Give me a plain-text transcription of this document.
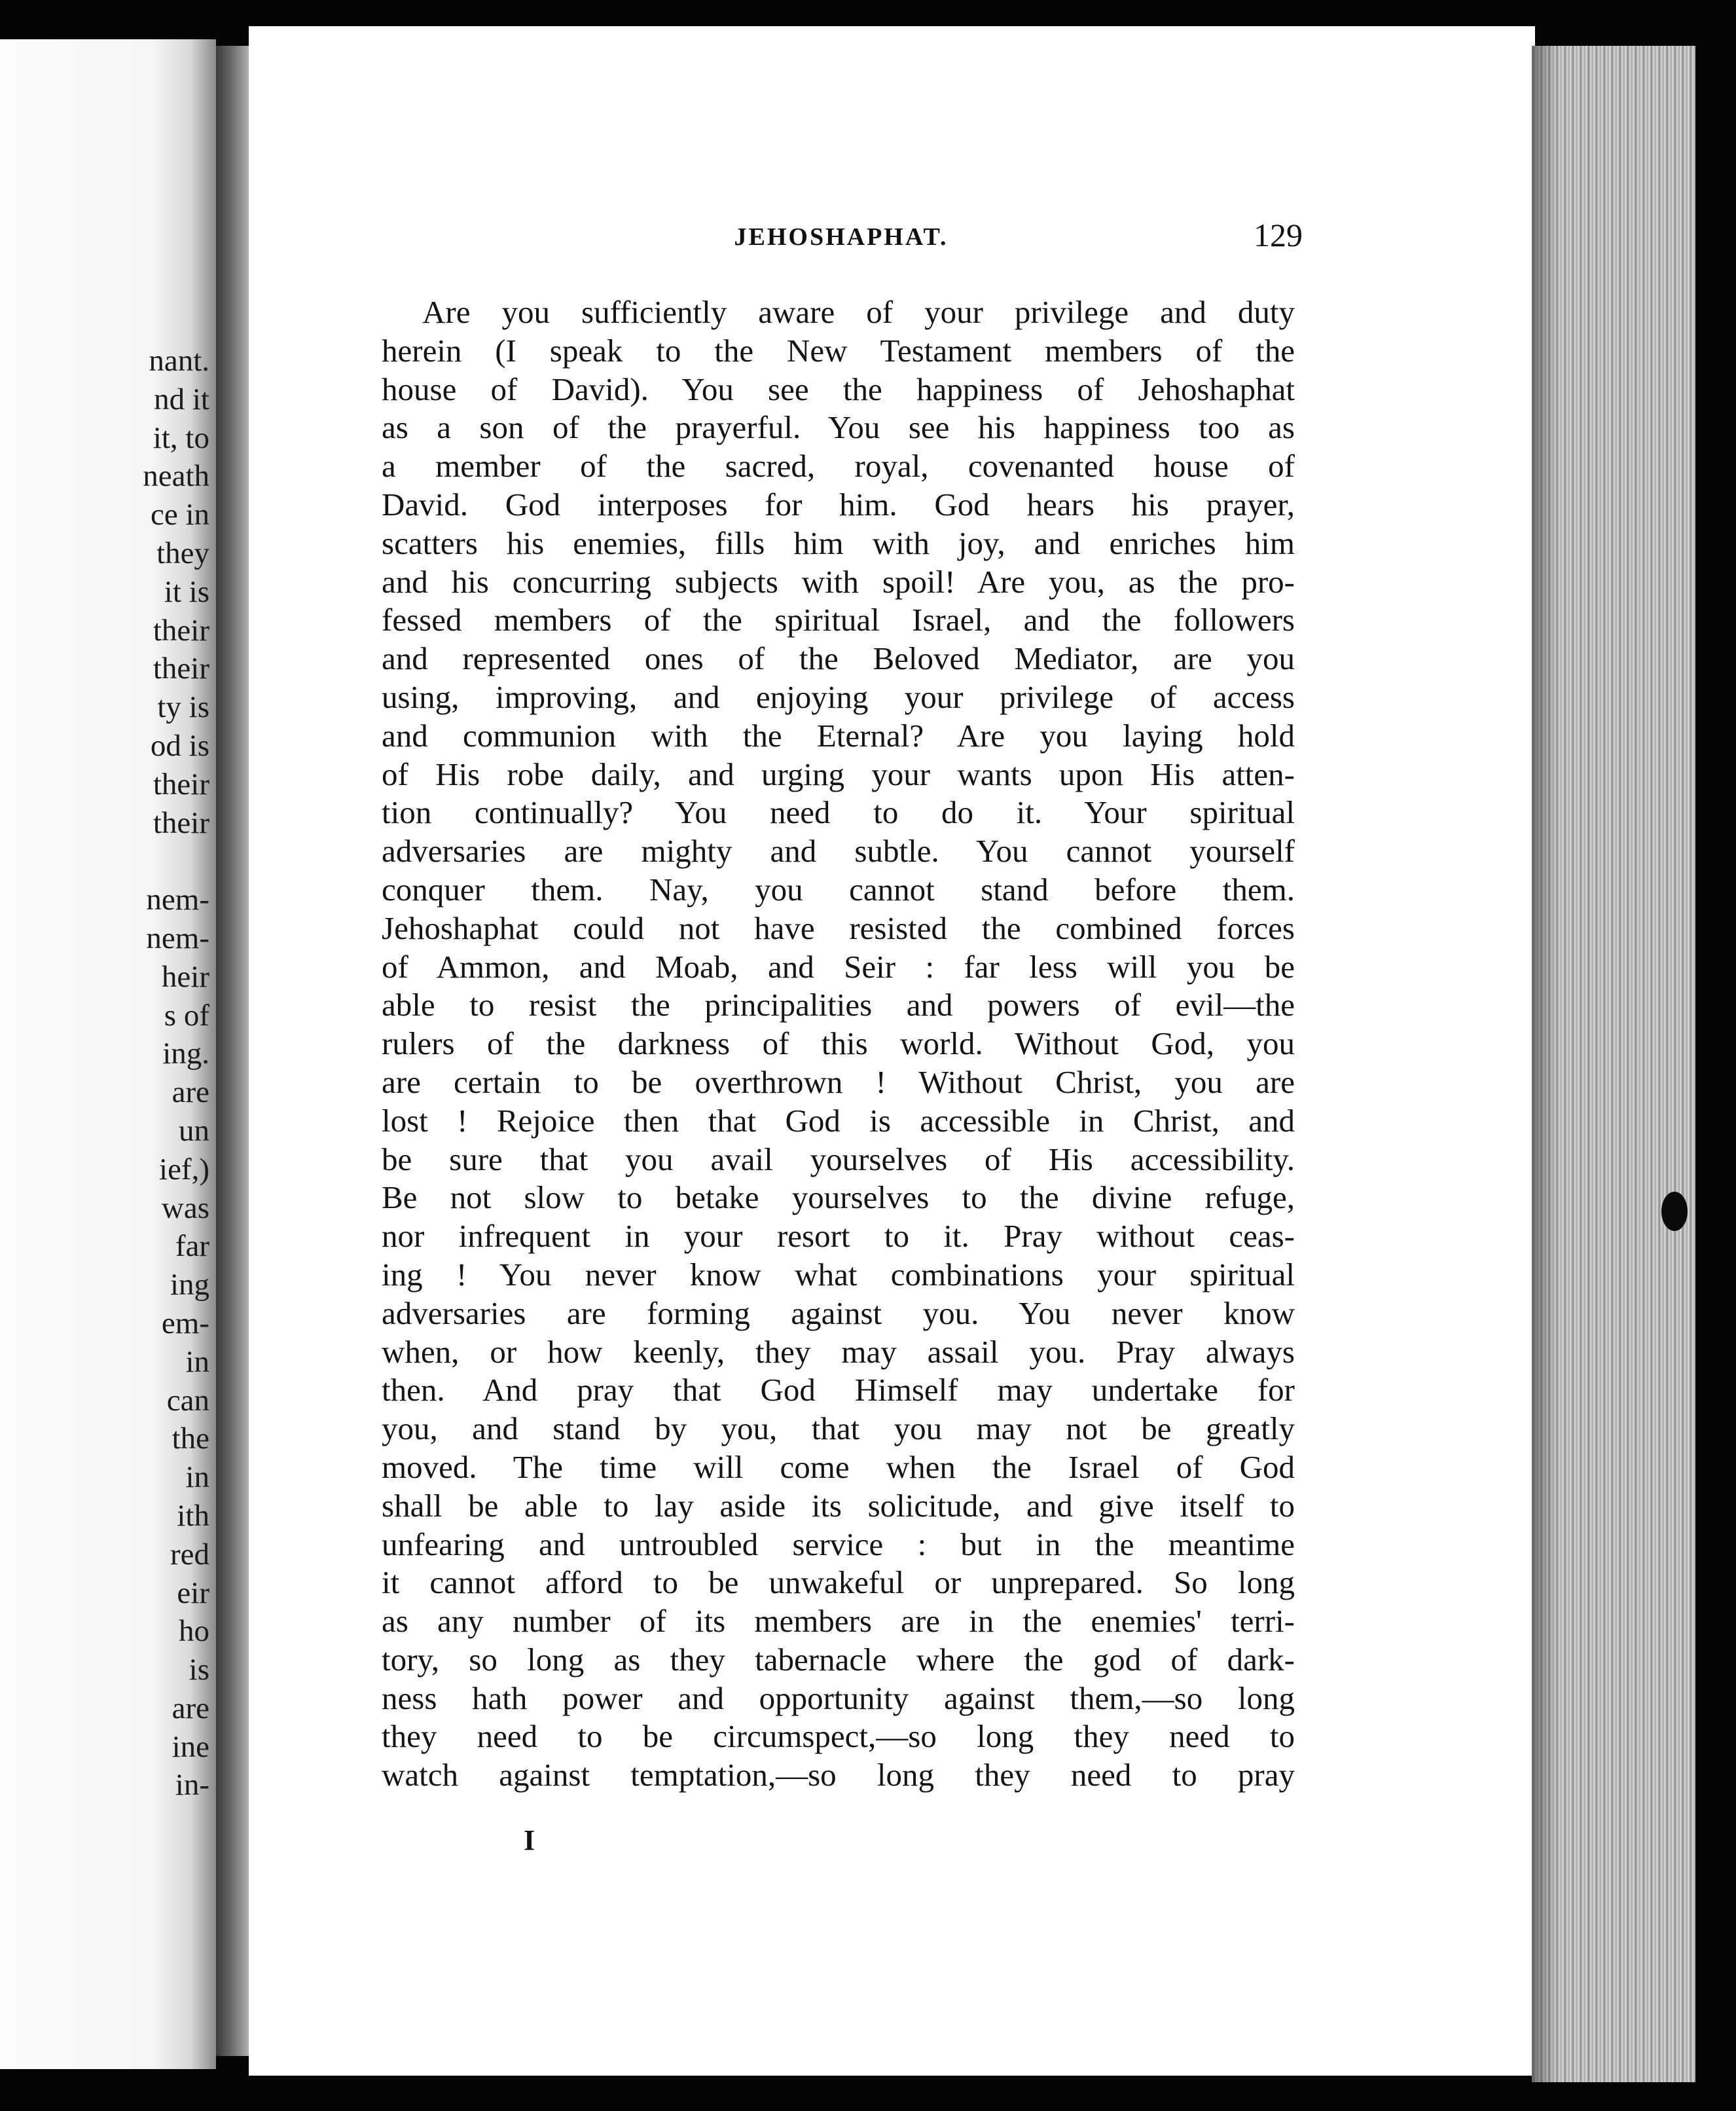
nant.
nd it
it, to
neath
ce in
they
it is
their
their
ty is
od is
their
their
nem-
nem-
heir
s of
ing.
are
un
ief,)
was
far
ing
em-
in
can
the
in
ith
red
eir
ho
is
are
ine
in-
JEHOSHAPHAT.	129
Are you sufficiently aware of your privilege and duty
herein (I speak to the New Testament members of the
house of David). You see the happiness of Jehoshaphat
as a son of the prayerful. You see his happiness too as
a member of the sacred, royal, covenanted house of
David. God interposes for him. God hears his prayer,
scatters his enemies, fills him with joy, and enriches him
and his concurring subjects with spoil! Are you, as the pro-
fessed members of the spiritual Israel, and the followers
and represented ones of the Beloved Mediator, are you
using, improving, and enjoying your privilege of access
and communion with the Eternal? Are you laying hold
of His robe daily, and urging your wants upon His atten-
tion continually? You need to do it. Your spiritual
adversaries are mighty and subtle. You cannot yourself
conquer them. Nay, you cannot stand before them.
Jehoshaphat could not have resisted the combined forces
of Ammon, and Moab, and Seir : far less will you be
able to resist the principalities and powers of evil—the
rulers of the darkness of this world. Without God, you
are certain to be overthrown ! Without Christ, you are
lost ! Rejoice then that God is accessible in Christ, and
be sure that you avail yourselves of His accessibility.
Be not slow to betake yourselves to the divine refuge,
nor infrequent in your resort to it. Pray without ceas-
ing ! You never know what combinations your spiritual
adversaries are forming against you. You never know
when, or how keenly, they may assail you. Pray always
then. And pray that God Himself may undertake for
you, and stand by you, that you may not be greatly
moved. The time will come when the Israel of God
shall be able to lay aside its solicitude, and give itself to
unfearing and untroubled service : but in the meantime
it cannot afford to be unwakeful or unprepared. So long
as any number of its members are in the enemies' terri-
tory, so long as they tabernacle where the god of dark-
ness hath power and opportunity against them,—so long
they need to be circumspect,—so long they need to
watch against temptation,—so long they need to pray
I
